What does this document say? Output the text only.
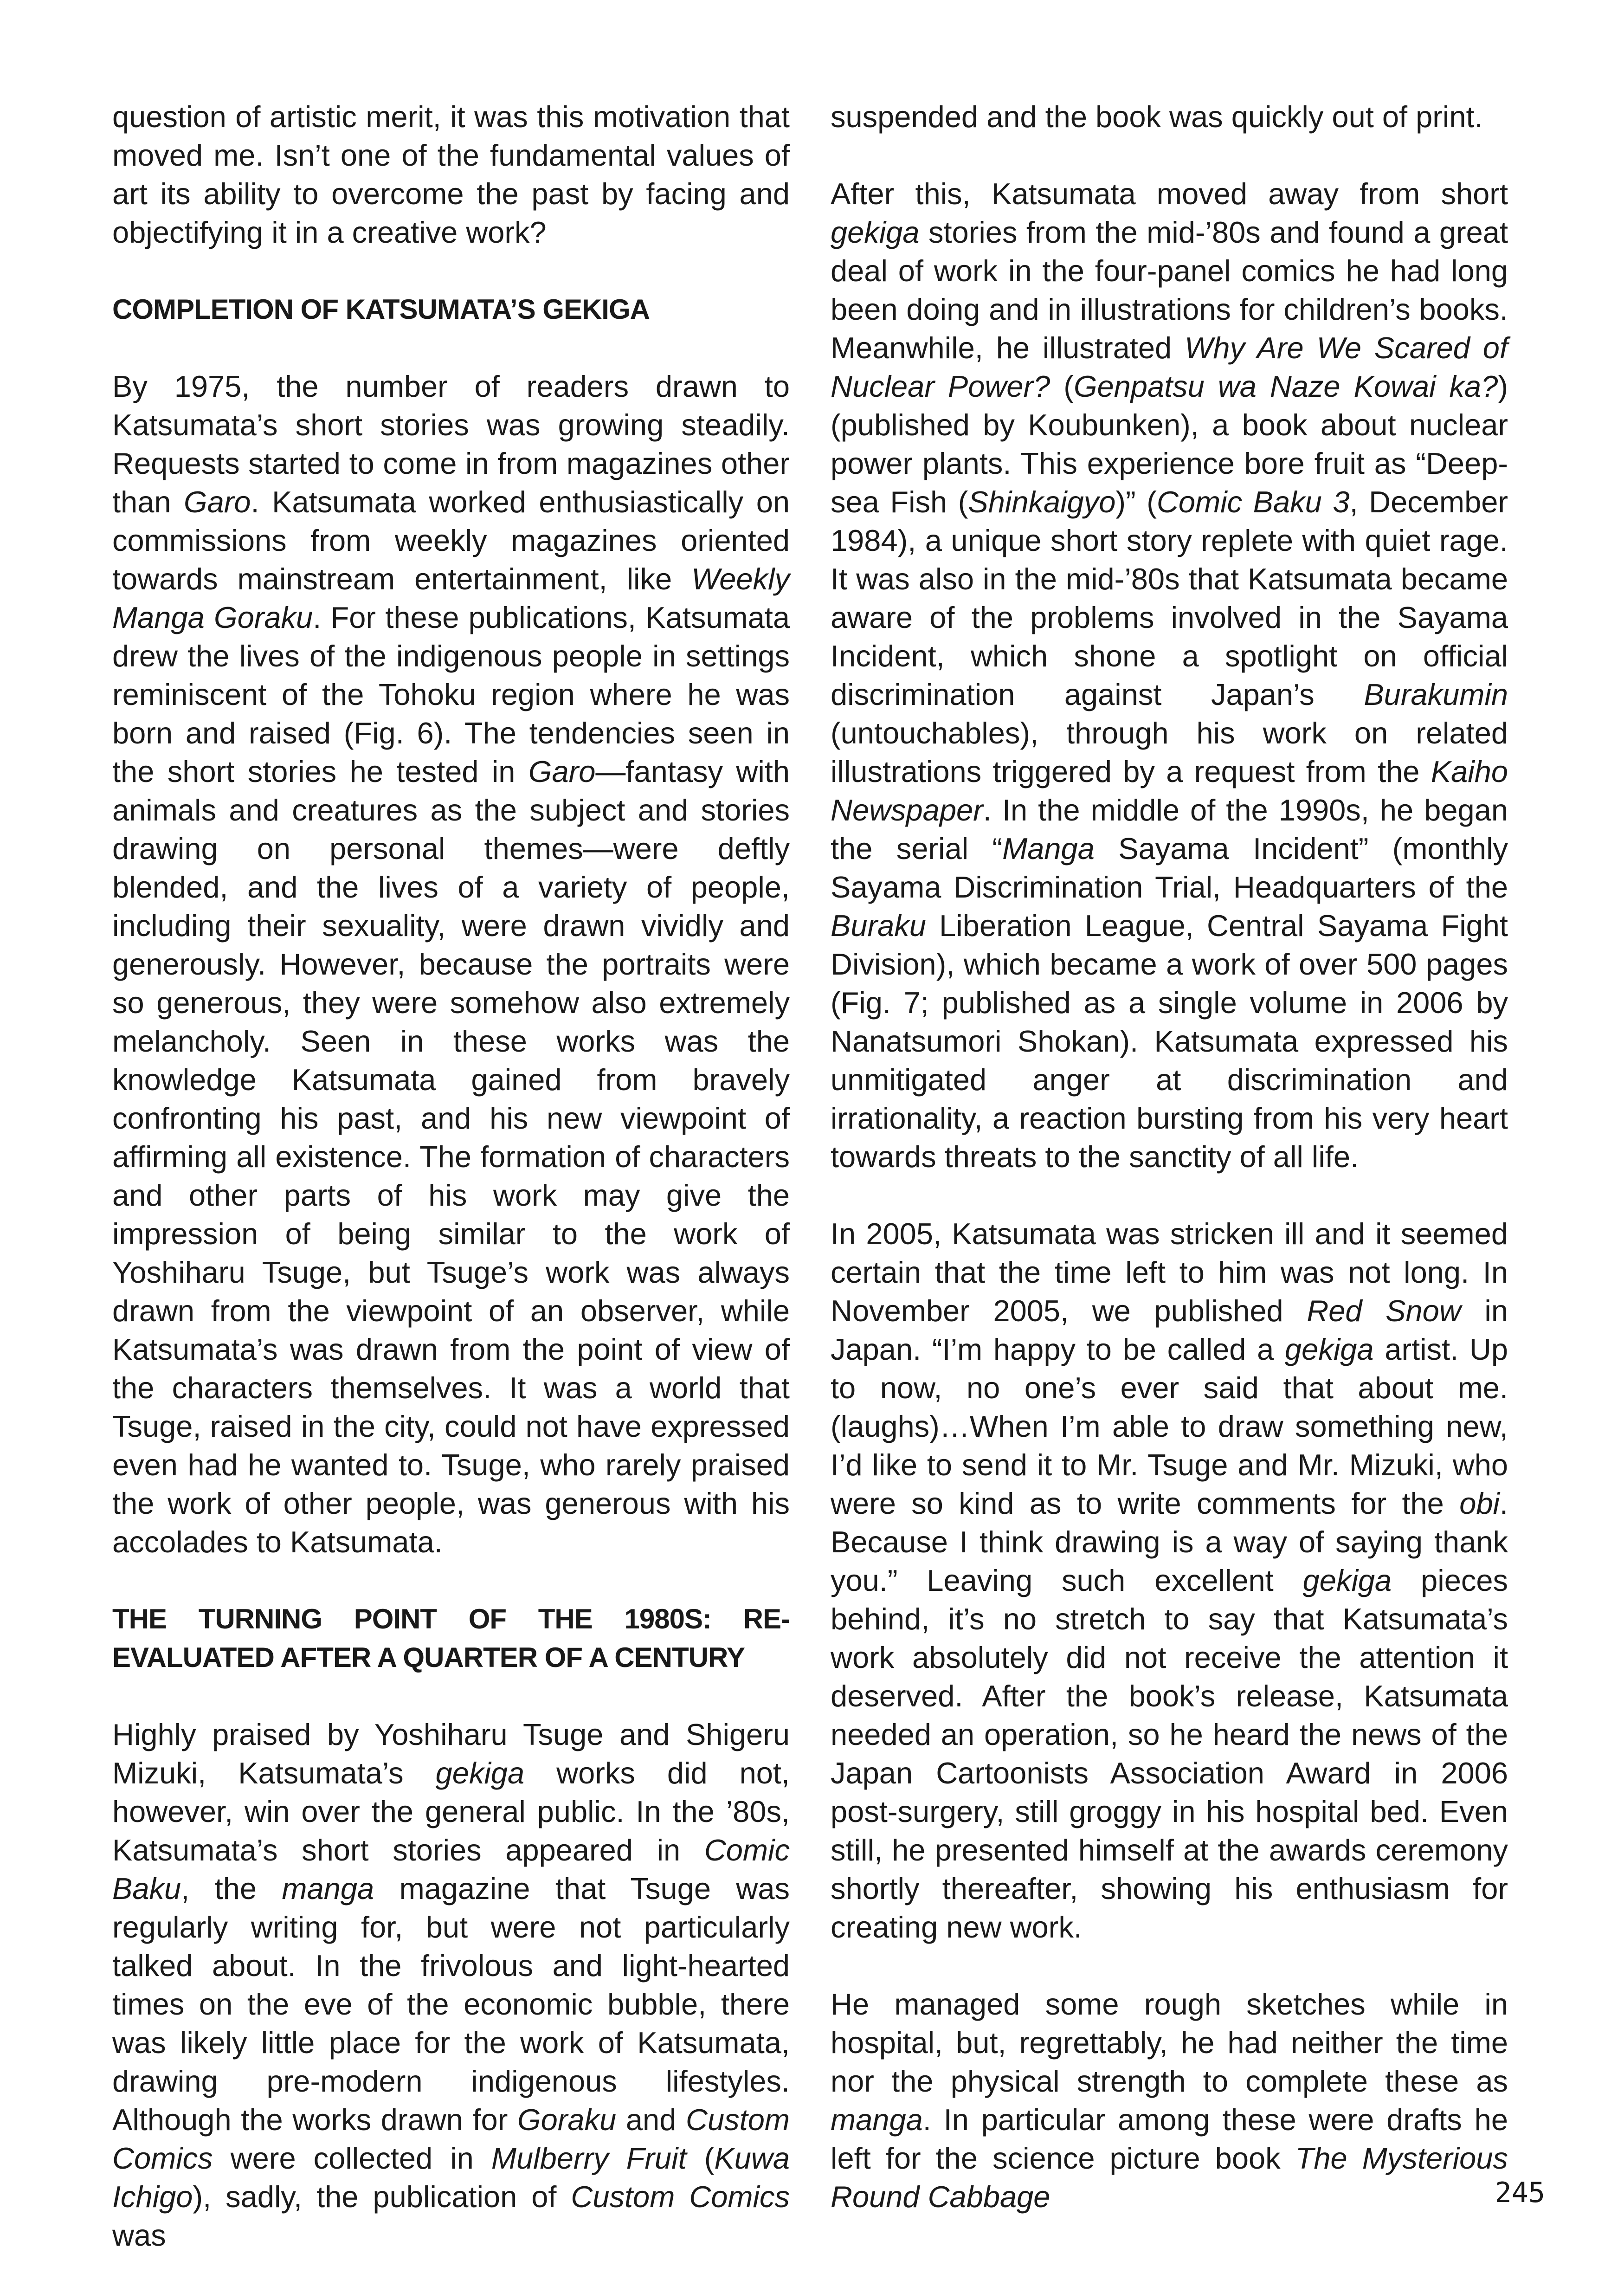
question of artistic merit, it was this motivation that moved me. Isn’t one of the fundamental values of art its ability to overcome the past by facing and objectifying it in a creative work?

COMPLETION OF KATSUMATA’S GEKIGA

By 1975, the number of readers drawn to Katsumata’s short stories was growing steadily. Requests started to come in from magazines other than Garo. Katsumata worked enthusiastically on commissions from weekly magazines oriented towards mainstream entertainment, like Weekly Manga Goraku. For these publications, Katsumata drew the lives of the indigenous people in settings reminiscent of the Tohoku region where he was born and raised (Fig. 6). The tendencies seen in the short stories he tested in Garo—fantasy with animals and creatures as the subject and stories drawing on personal themes—were deftly blended, and the lives of a variety of people, including their sexuality, were drawn vividly and generously. However, because the portraits were so generous, they were somehow also extremely melancholy. Seen in these works was the knowledge Katsumata gained from bravely confronting his past, and his new viewpoint of affirming all existence. The formation of characters and other parts of his work may give the impression of being similar to the work of Yoshiharu Tsuge, but Tsuge’s work was always drawn from the viewpoint of an observer, while Katsumata’s was drawn from the point of view of the characters themselves. It was a world that Tsuge, raised in the city, could not have expressed even had he wanted to. Tsuge, who rarely praised the work of other people, was generous with his accolades to Katsumata.

THE TURNING POINT OF THE 1980S: RE-EVALUATED AFTER A QUARTER OF A CENTURY

Highly praised by Yoshiharu Tsuge and Shigeru Mizuki, Katsumata’s gekiga works did not, however, win over the general public. In the ’80s, Katsumata’s short stories appeared in Comic Baku, the manga magazine that Tsuge was regularly writing for, but were not particularly talked about. In the frivolous and light-hearted times on the eve of the economic bubble, there was likely little place for the work of Katsumata, drawing pre-modern indigenous lifestyles. Although the works drawn for Goraku and Custom Comics were collected in Mulberry Fruit (Kuwa Ichigo), sadly, the publication of Custom Comics was

suspended and the book was quickly out of print.

After this, Katsumata moved away from short gekiga stories from the mid-’80s and found a great deal of work in the four-panel comics he had long been doing and in illustrations for children’s books. Meanwhile, he illustrated Why Are We Scared of Nuclear Power? (Genpatsu wa Naze Kowai ka?) (published by Koubunken), a book about nuclear power plants. This experience bore fruit as “Deep-sea Fish (Shinkaigyo)” (Comic Baku 3, December 1984), a unique short story replete with quiet rage. It was also in the mid-’80s that Katsumata became aware of the problems involved in the Sayama Incident, which shone a spotlight on official discrimination against Japan’s Burakumin (untouchables), through his work on related illustrations triggered by a request from the Kaiho Newspaper. In the middle of the 1990s, he began the serial “Manga Sayama Incident” (monthly Sayama Discrimination Trial, Headquarters of the Buraku Liberation League, Central Sayama Fight Division), which became a work of over 500 pages (Fig. 7; published as a single volume in 2006 by Nanatsumori Shokan). Katsumata expressed his unmitigated anger at discrimination and irrationality, a reaction bursting from his very heart towards threats to the sanctity of all life.

In 2005, Katsumata was stricken ill and it seemed certain that the time left to him was not long. In November 2005, we published Red Snow in Japan. “I’m happy to be called a gekiga artist. Up to now, no one’s ever said that about me. (laughs)…When I’m able to draw something new, I’d like to send it to Mr. Tsuge and Mr. Mizuki, who were so kind as to write comments for the obi. Because I think drawing is a way of saying thank you.” Leaving such excellent gekiga pieces behind, it’s no stretch to say that Katsumata’s work absolutely did not receive the attention it deserved. After the book’s release, Katsumata needed an operation, so he heard the news of the Japan Cartoonists Association Award in 2006 post-surgery, still groggy in his hospital bed. Even still, he presented himself at the awards ceremony shortly thereafter, showing his enthusiasm for creating new work.

He managed some rough sketches while in hospital, but, regrettably, he had neither the time nor the physical strength to complete these as manga. In particular among these were drafts he left for the science picture book The Mysterious Round Cabbage	245
